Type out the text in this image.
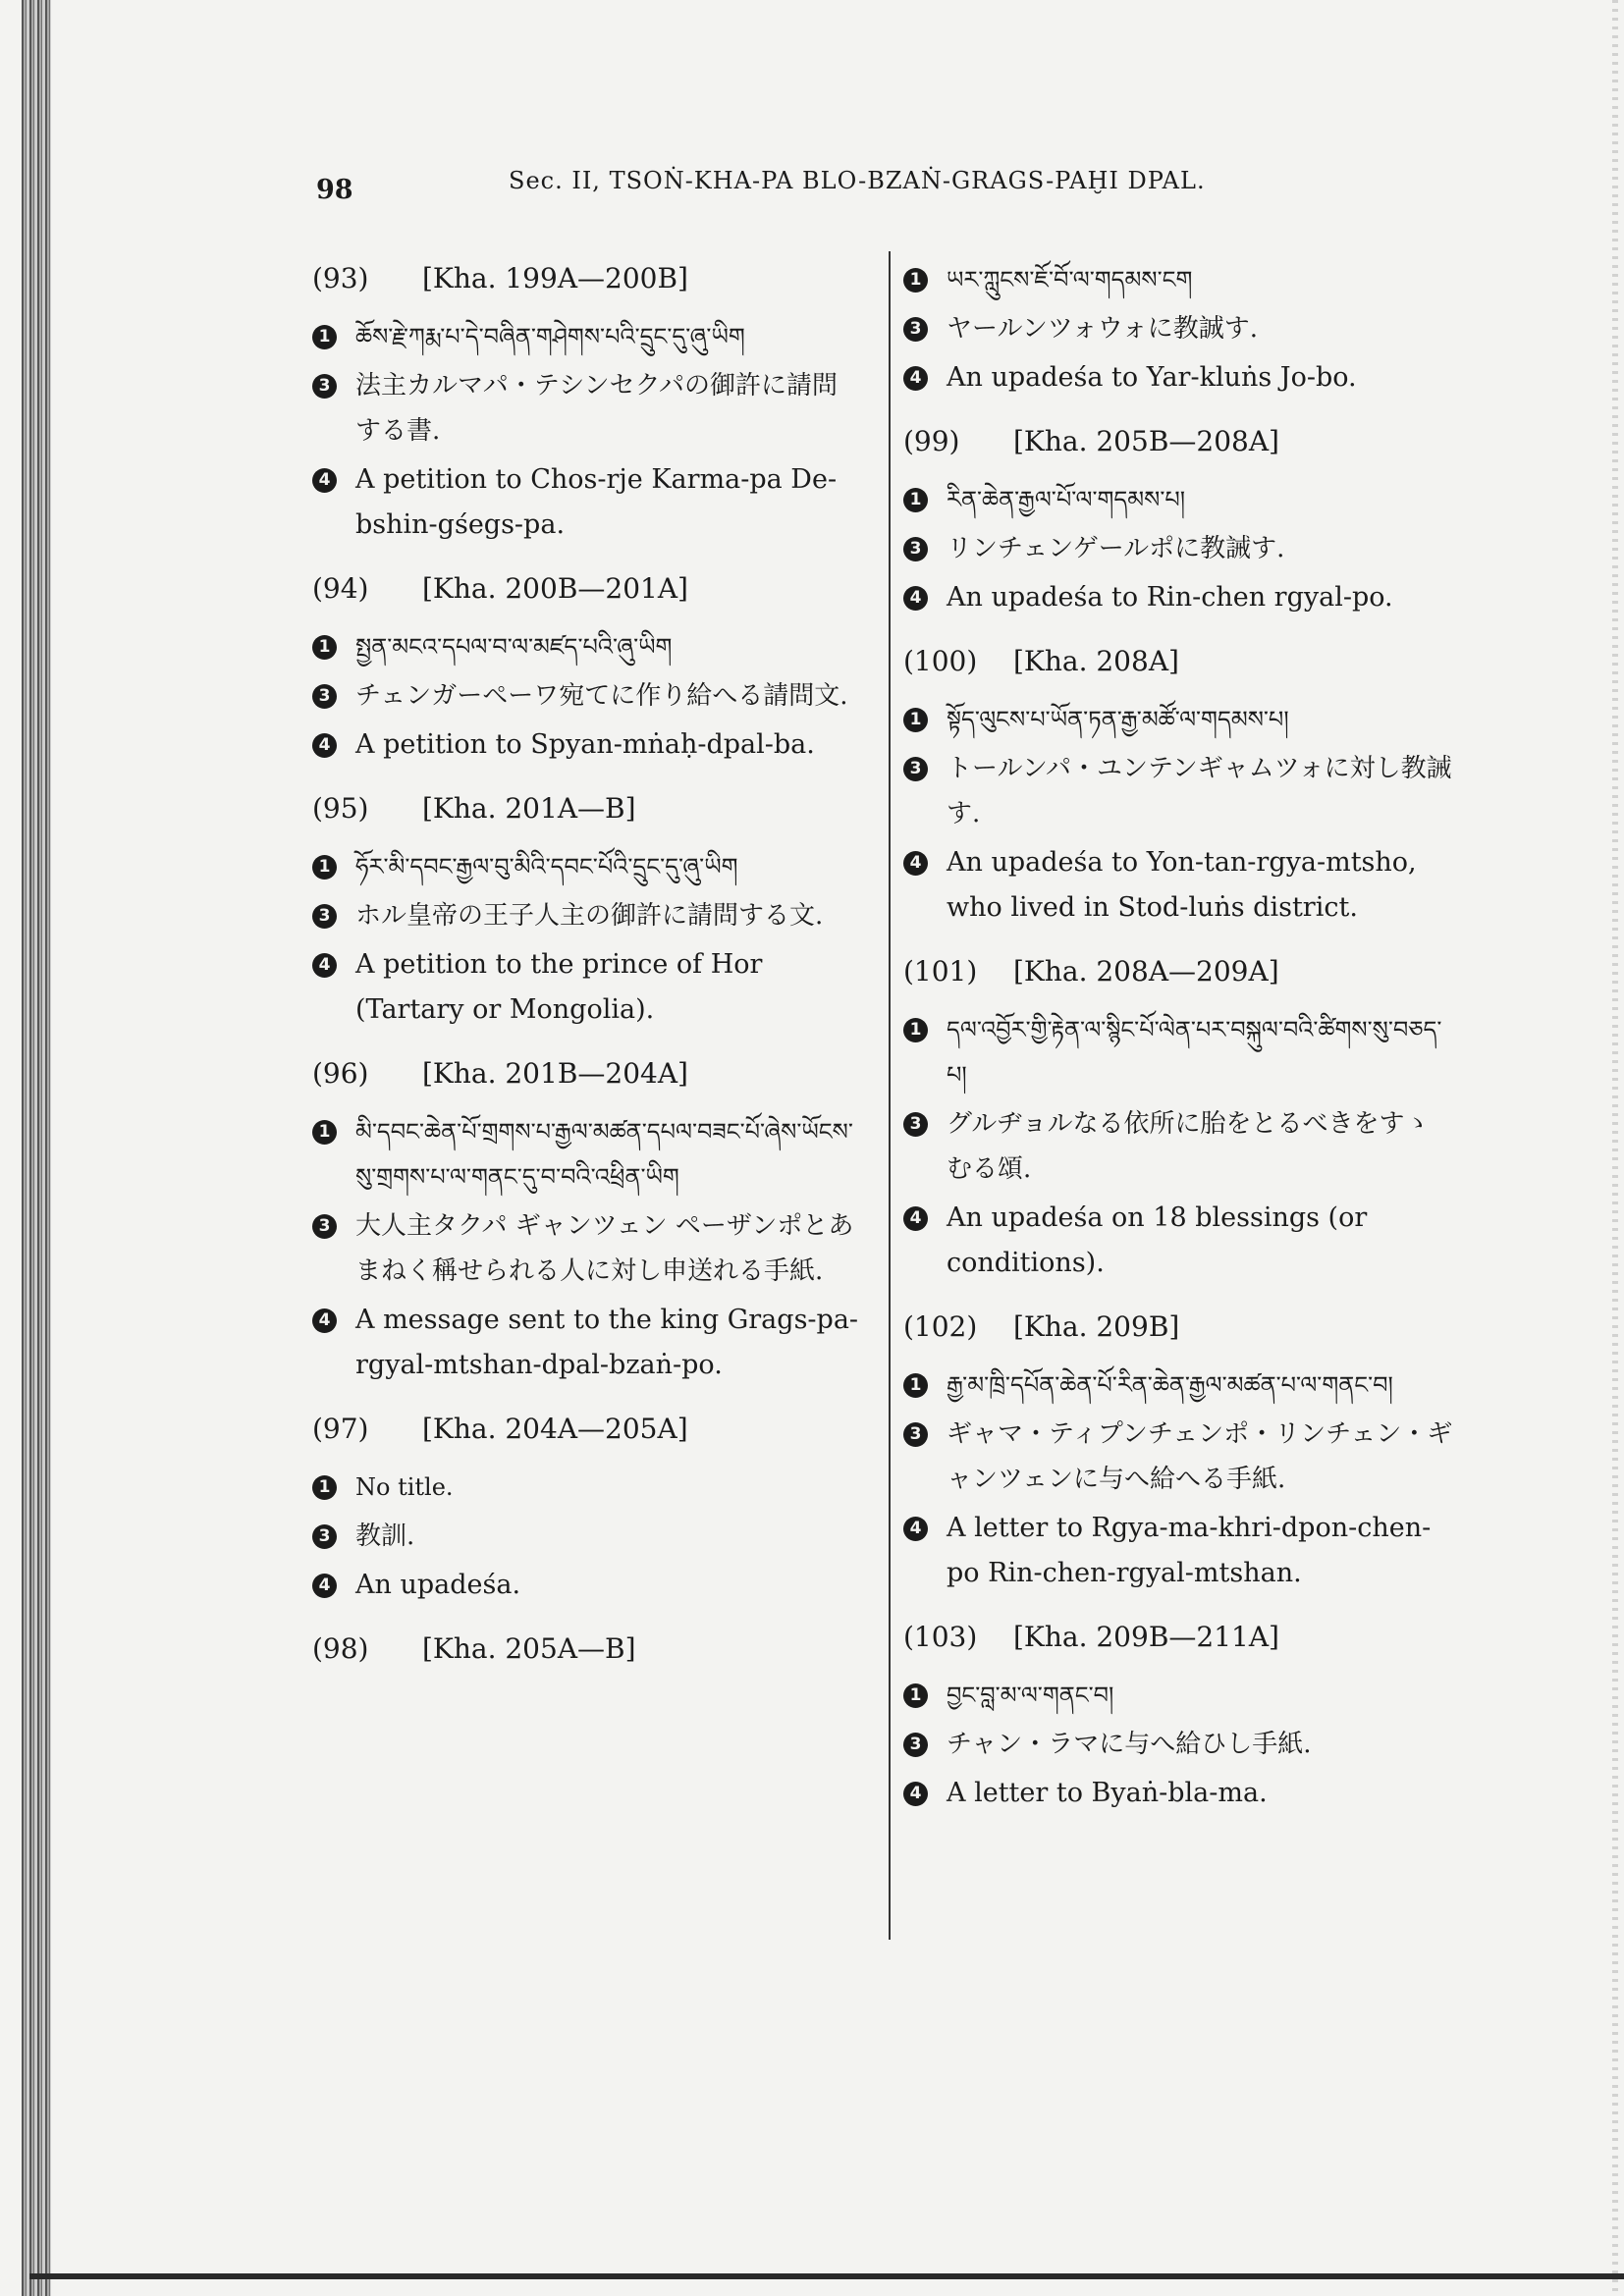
98	Sec. II, TSOṄ-KHA-PA BLO-BZAṄ-GRAGS-PAḪI DPAL.
(93) [Kha. 199A—200B]
1 ཆོས་རྗེ་ཀརྨ་པ་དེ་བཞིན་གཤེགས་པའི་དྲུང་དུ་ཞུ་ཡིག
3 法主カルマパ・テシンセクパの御許に請問する書.
4 A petition to Chos-rje Karma-pa De-bshin-gśegs-pa.
(94) [Kha. 200B—201A]
1 སྤྱན་མངའ་དཔལ་བ་ལ་མཛད་པའི་ཞུ་ཡིག
3 チェンガーペーワ宛てに作り給へる請問文.
4 A petition to Spyan-mṅaḥ-dpal-ba.
(95) [Kha. 201A—B]
1 ཧོར་མི་དབང་རྒྱལ་བུ་མིའི་དབང་པོའི་དྲུང་དུ་ཞུ་ཡིག
3 ホル皇帝の王子人主の御許に請問する文.
4 A petition to the prince of Hor (Tartary or Mongolia).
(96) [Kha. 201B—204A]
1 མི་དབང་ཆེན་པོ་གྲགས་པ་རྒྱལ་མཚན་དཔལ་བཟང་པོ་ཞེས་ཡོངས་སུ་གྲགས་པ་ལ་གནང་དུ་བ་བའི་འཕྲིན་ཡིག
3 大人主タクパ ギャンツェン ペーザンポとあまねく稱せられる人に対し申送れる手紙.
4 A message sent to the king Grags-pa-rgyal-mtshan-dpal-bzaṅ-po.
(97) [Kha. 204A—205A]
1 No title.
3 教訓.
4 An upadeśa.
(98) [Kha. 205A—B]
1 ཡར་ཀླུངས་ཇོ་བོ་ལ་གདམས་ངག
3 ヤールンツォウォに教誠す.
4 An upadeśa to Yar-kluṅs Jo-bo.
(99) [Kha. 205B—208A]
1 རིན་ཆེན་རྒྱལ་པོ་ལ་གདམས་པ།
3 リンチェンゲールポに教誡す.
4 An upadeśa to Rin-chen rgyal-po.
(100) [Kha. 208A]
1 སྟོད་ལུངས་པ་ཡོན་ཏན་རྒྱ་མཚོ་ལ་གདམས་པ།
3 トールンパ・ユンテンギャムツォに対し教誡す.
4 An upadeśa to Yon-tan-rgya-mtsho, who lived in Stod-luṅs district.
(101) [Kha. 208A—209A]
1 དལ་འབྱོར་གྱི་རྟེན་ལ་སྙིང་པོ་ལེན་པར་བསྐུལ་བའི་ཚིགས་སུ་བཅད་པ།
3 グルヂョルなる依所に胎をとるべきをすゝむる頌.
4 An upadeśa on 18 blessings (or conditions).
(102) [Kha. 209B]
1 རྒྱ་མ་ཁྲི་དཔོན་ཆེན་པོ་རིན་ཆེན་རྒྱལ་མཚན་པ་ལ་གནང་བ།
3 ギャマ・ティプンチェンポ・リンチェン・ギャンツェンに与へ給へる手紙.
4 A letter to Rgya-ma-khri-dpon-chen-po Rin-chen-rgyal-mtshan.
(103) [Kha. 209B—211A]
1 བྱང་བླ་མ་ལ་གནང་བ།
3 チャン・ラマに与へ給ひし手紙.
4 A letter to Byaṅ-bla-ma.
